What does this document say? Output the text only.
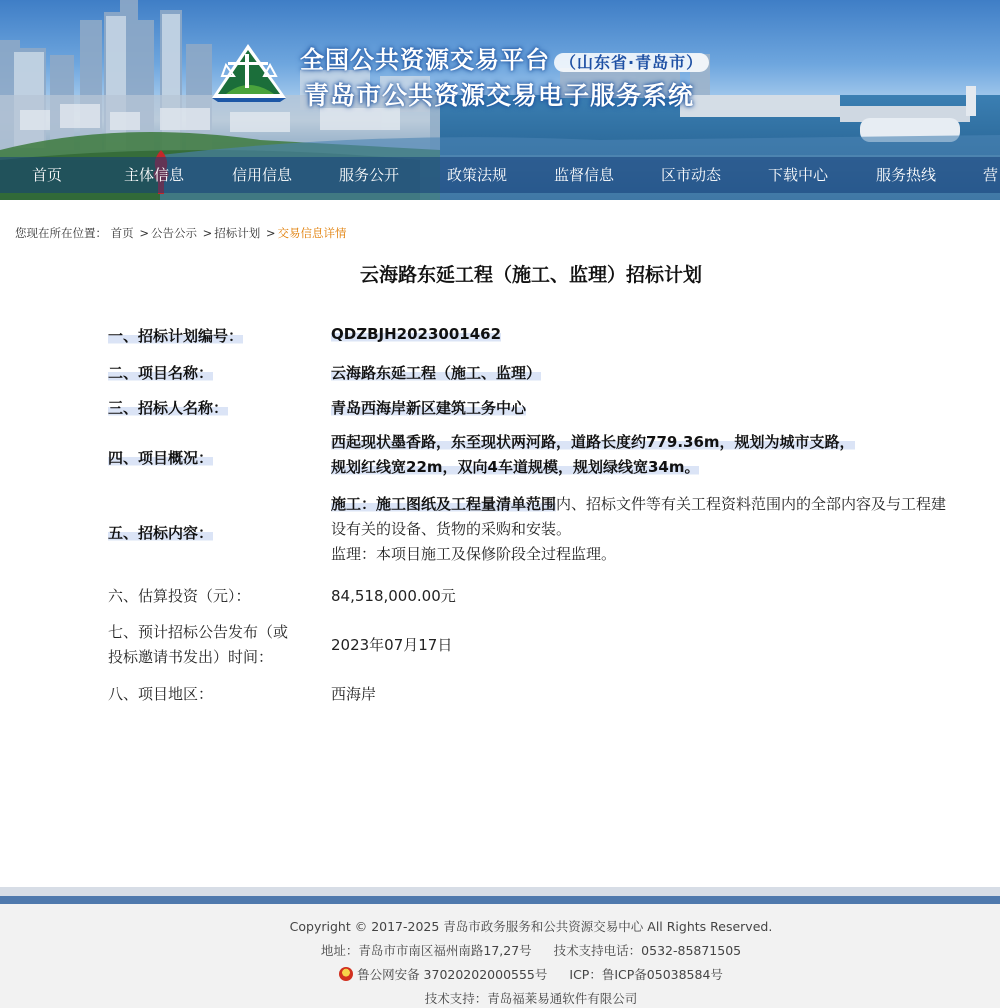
全国公共资源交易平台 （山东省·青岛市）
青岛市公共资源交易电子服务系统
首页	主体信息	信用信息	服务公开	政策法规	监督信息	区市动态	下载中心	服务热线	营
您现在所在位置： 首页 > 公告公示 > 招标计划 > 交易信息详情
云海路东延工程（施工、监理）招标计划
一、招标计划编号：	QDZBJH2023001462
二、项目名称：	云海路东延工程（施工、监理）
三、招标人名称：	青岛西海岸新区建筑工务中心
四、项目概况：
西起现状墨香路，东至现状两河路，道路长度约779.36m，规划为城市支路，
规划红线宽22m，双向4车道规模，规划绿线宽34m。
五、招标内容：
施工：施工图纸及工程量清单范围内、招标文件等有关工程资料范围内的全部内容及与工程建设有关的设备、货物的采购和安装。
监理：本项目施工及保修阶段全过程监理。
六、估算投资（元）：	84,518,000.00元
七、预计招标公告发布（或
投标邀请书发出）时间：
2023年07月17日
八、项目地区：	西海岸
Copyright © 2017-2025 青岛市政务服务和公共资源交易中心 All Rights Reserved.
地址：青岛市市南区福州南路17,27号 技术支持电话：0532-85871505
鲁公网安备 37020202000555号 ICP：鲁ICP备05038584号
技术支持：青岛福莱易通软件有限公司
